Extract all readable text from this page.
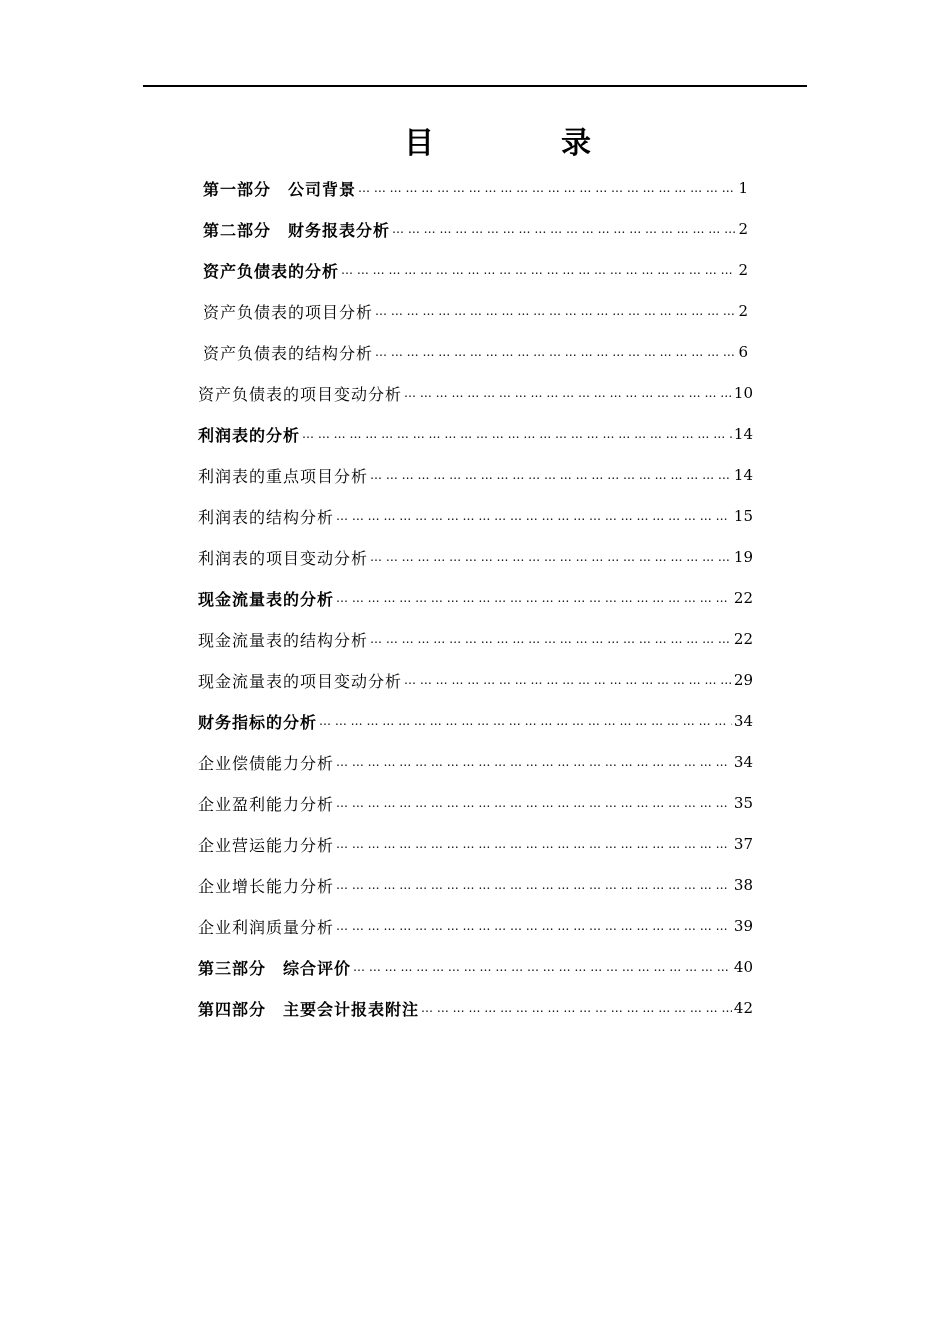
目	录
第一部分　公司背景 … … … … … … … … … … … … … … … … … … … … … … … … … … … … … … … … … … … … … … … … … … … … … … … … … … … … … … … … … … … … … … … … … … … … … … … … … … … …	1
第二部分　财务报表分析 … … … … … … … … … … … … … … … … … … … … … … … … … … … … … … … … … … … … … … … … … … … … … … … … … … … … … … … … … … … … … … … … … … … … … … … … … … … …	2
资产负债表的分析 … … … … … … … … … … … … … … … … … … … … … … … … … … … … … … … … … … … … … … … … … … … … … … … … … … … … … … … … … … … … … … … … … … … … … … … … … … … …	2
资产负债表的项目分析 … … … … … … … … … … … … … … … … … … … … … … … … … … … … … … … … … … … … … … … … … … … … … … … … … … … … … … … … … … … … … … … … … … … … … … … … … … … …	2
资产负债表的结构分析 … … … … … … … … … … … … … … … … … … … … … … … … … … … … … … … … … … … … … … … … … … … … … … … … … … … … … … … … … … … … … … … … … … … … … … … … … … … …	6
资产负债表的项目变动分析 … … … … … … … … … … … … … … … … … … … … … … … … … … … … … … … … … … … … … … … … … … … … … … … … … … … … … … … … … … … … … … … … … … … … … … … … … … … …	10
利润表的分析 … … … … … … … … … … … … … … … … … … … … … … … … … … … … … … … … … … … … … … … … … … … … … … … … … … … … … … … … … … … … … … … … … … … … … … … … … … … …	14
利润表的重点项目分析 … … … … … … … … … … … … … … … … … … … … … … … … … … … … … … … … … … … … … … … … … … … … … … … … … … … … … … … … … … … … … … … … … … … … … … … … … … … …	14
利润表的结构分析 … … … … … … … … … … … … … … … … … … … … … … … … … … … … … … … … … … … … … … … … … … … … … … … … … … … … … … … … … … … … … … … … … … … … … … … … … … … …	15
利润表的项目变动分析 … … … … … … … … … … … … … … … … … … … … … … … … … … … … … … … … … … … … … … … … … … … … … … … … … … … … … … … … … … … … … … … … … … … … … … … … … … … …	19
现金流量表的分析 … … … … … … … … … … … … … … … … … … … … … … … … … … … … … … … … … … … … … … … … … … … … … … … … … … … … … … … … … … … … … … … … … … … … … … … … … … … …	22
现金流量表的结构分析 … … … … … … … … … … … … … … … … … … … … … … … … … … … … … … … … … … … … … … … … … … … … … … … … … … … … … … … … … … … … … … … … … … … … … … … … … … … …	22
现金流量表的项目变动分析 … … … … … … … … … … … … … … … … … … … … … … … … … … … … … … … … … … … … … … … … … … … … … … … … … … … … … … … … … … … … … … … … … … … … … … … … … … … …	29
财务指标的分析 … … … … … … … … … … … … … … … … … … … … … … … … … … … … … … … … … … … … … … … … … … … … … … … … … … … … … … … … … … … … … … … … … … … … … … … … … … … …	34
企业偿债能力分析 … … … … … … … … … … … … … … … … … … … … … … … … … … … … … … … … … … … … … … … … … … … … … … … … … … … … … … … … … … … … … … … … … … … … … … … … … … … …	34
企业盈利能力分析 … … … … … … … … … … … … … … … … … … … … … … … … … … … … … … … … … … … … … … … … … … … … … … … … … … … … … … … … … … … … … … … … … … … … … … … … … … … …	35
企业营运能力分析 … … … … … … … … … … … … … … … … … … … … … … … … … … … … … … … … … … … … … … … … … … … … … … … … … … … … … … … … … … … … … … … … … … … … … … … … … … … …	37
企业增长能力分析 … … … … … … … … … … … … … … … … … … … … … … … … … … … … … … … … … … … … … … … … … … … … … … … … … … … … … … … … … … … … … … … … … … … … … … … … … … … …	38
企业利润质量分析 … … … … … … … … … … … … … … … … … … … … … … … … … … … … … … … … … … … … … … … … … … … … … … … … … … … … … … … … … … … … … … … … … … … … … … … … … … … …	39
第三部分　综合评价 … … … … … … … … … … … … … … … … … … … … … … … … … … … … … … … … … … … … … … … … … … … … … … … … … … … … … … … … … … … … … … … … … … … … … … … … … … … …	40
第四部分　主要会计报表附注 … … … … … … … … … … … … … … … … … … … … … … … … … … … … … … … … … … … … … … … … … … … … … … … … … … … … … … … … … … … … … … … … … … … … … … … … … … … …	42
